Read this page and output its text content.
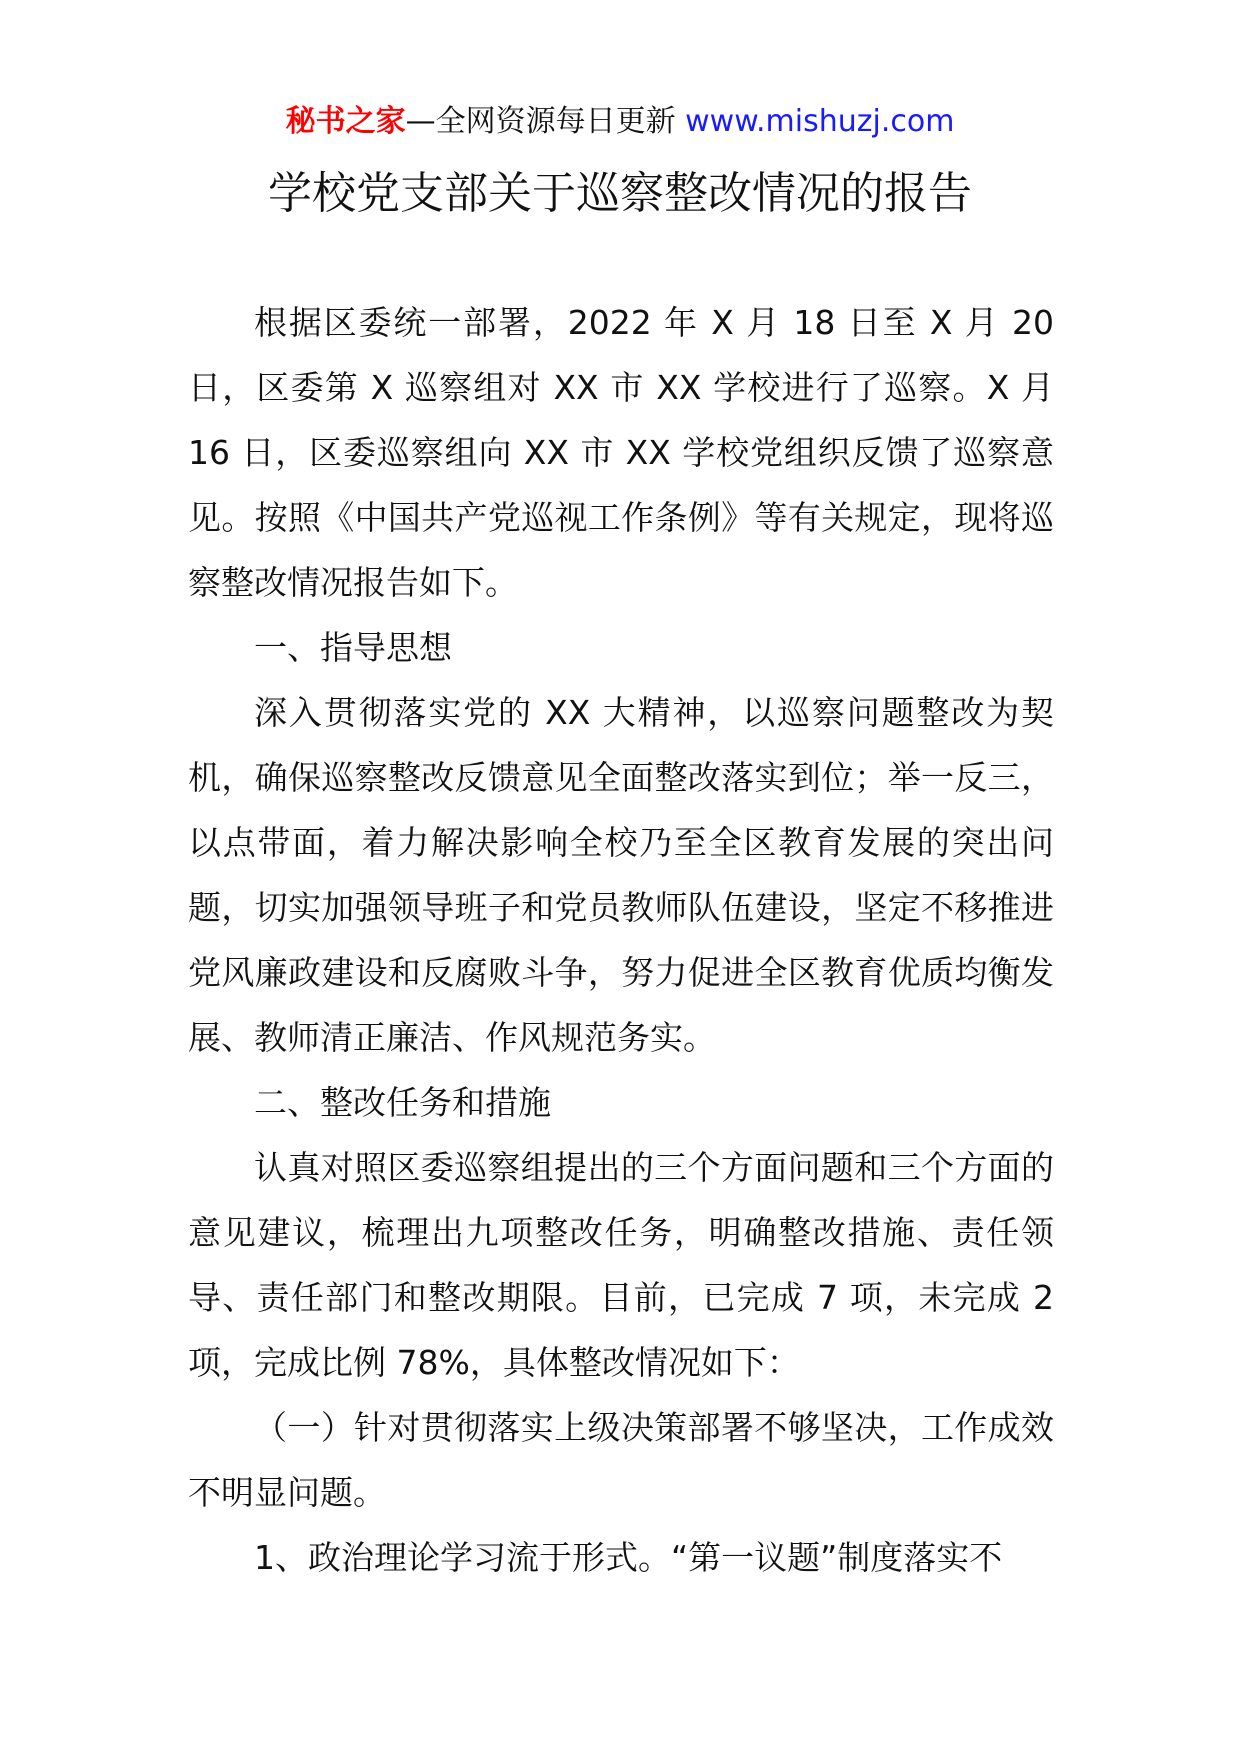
秘书之家—全网资源每日更新 www.mishuzj.com
学校党支部关于巡察整改情况的报告

根据区委统一部署，2022 年 X 月 18 日至 X 月 20 日，区委第 X 巡察组对 XX 市 XX 学校进行了巡察。X 月 16 日，区委巡察组向 XX 市 XX 学校党组织反馈了巡察意见。按照《中国共产党巡视工作条例》等有关规定，现将巡察整改情况报告如下。

一、指导思想

深入贯彻落实党的 XX 大精神，以巡察问题整改为契机，确保巡察整改反馈意见全面整改落实到位；举一反三，以点带面，着力解决影响全校乃至全区教育发展的突出问题，切实加强领导班子和党员教师队伍建设，坚定不移推进党风廉政建设和反腐败斗争，努力促进全区教育优质均衡发展、教师清正廉洁、作风规范务实。

二、整改任务和措施

认真对照区委巡察组提出的三个方面问题和三个方面的意见建议，梳理出九项整改任务，明确整改措施、责任领导、责任部门和整改期限。目前，已完成 7 项，未完成 2 项，完成比例 78%，具体整改情况如下：

（一）针对贯彻落实上级决策部署不够坚决，工作成效不明显问题。

1、政治理论学习流于形式。“第一议题”制度落实不
